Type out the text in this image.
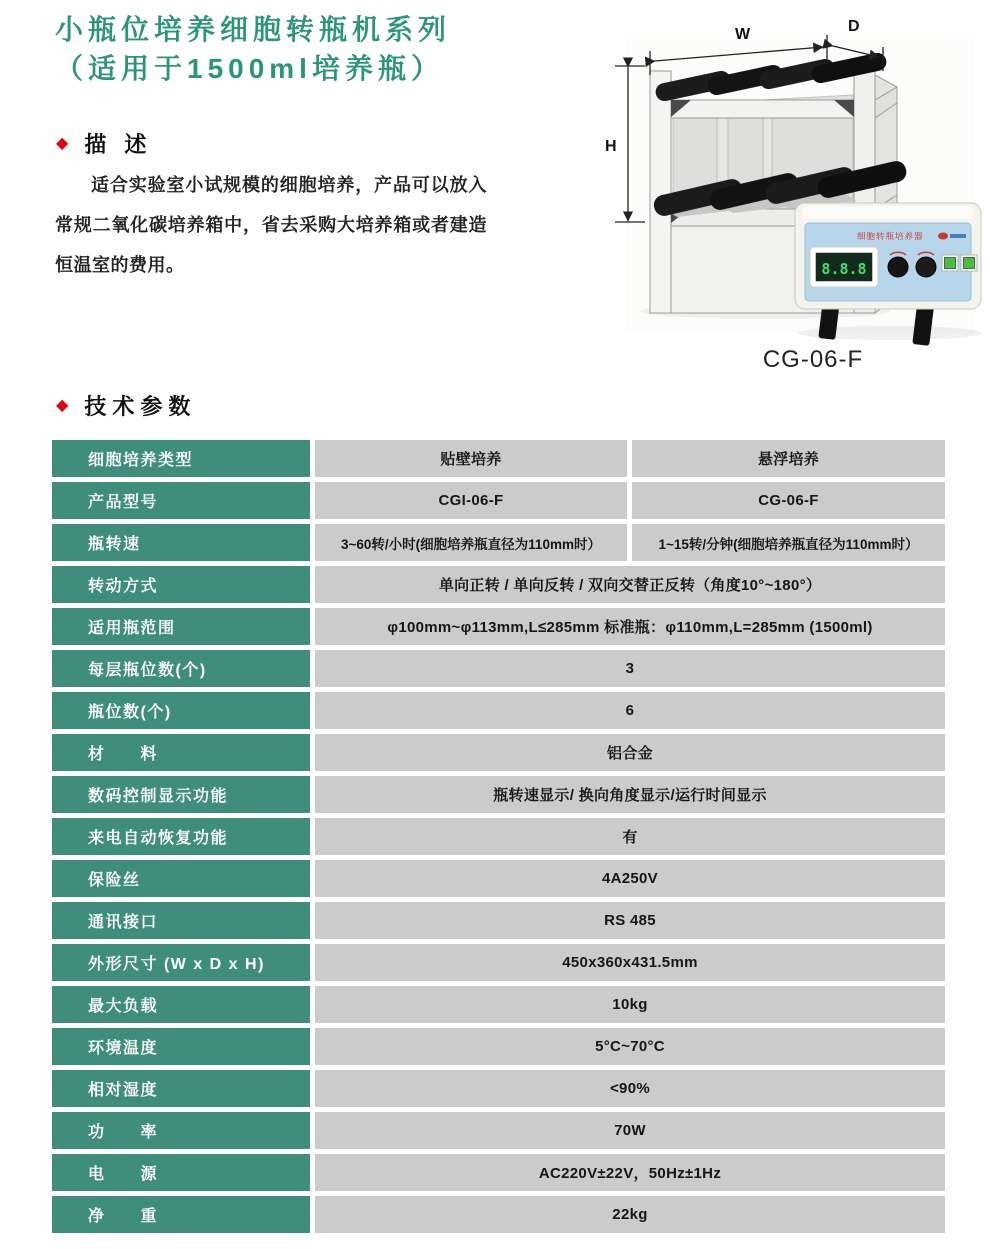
小瓶位培养细胞转瓶机系列
（适用于1500ml培养瓶）
◆ 描 述

适合实验室小试规模的细胞培养，产品可以放入常规二氧化碳培养箱中，省去采购大培养箱或者建造恒温室的费用。

W	D
H
细胞转瓶培养器
8.8.8
CG-06-F
◆ 技术参数
细胞培养类型	贴壁培养	悬浮培养
产品型号	CGI-06-F	CG-06-F
瓶转速	3~60转/小时(细胞培养瓶直径为110mm时）	1~15转/分钟(细胞培养瓶直径为110mm时）
转动方式	单向正转 / 单向反转 / 双向交替正反转（角度10°~180°）
适用瓶范围	φ100mm~φ113mm,L≤285mm 标准瓶：φ110mm,L=285mm (1500ml)
每层瓶位数(个)	3
瓶位数(个)	6
材　　料	铝合金
数码控制显示功能	瓶转速显示/ 换向角度显示/运行时间显示
来电自动恢复功能	有
保险丝	4A250V
通讯接口	RS 485
外形尺寸 (W x D x H)	450x360x431.5mm
最大负载	10kg
环境温度	5°C~70°C
相对湿度	<90%
功　　率	70W
电　　源	AC220V±22V，50Hz±1Hz
净　　重	22kg
